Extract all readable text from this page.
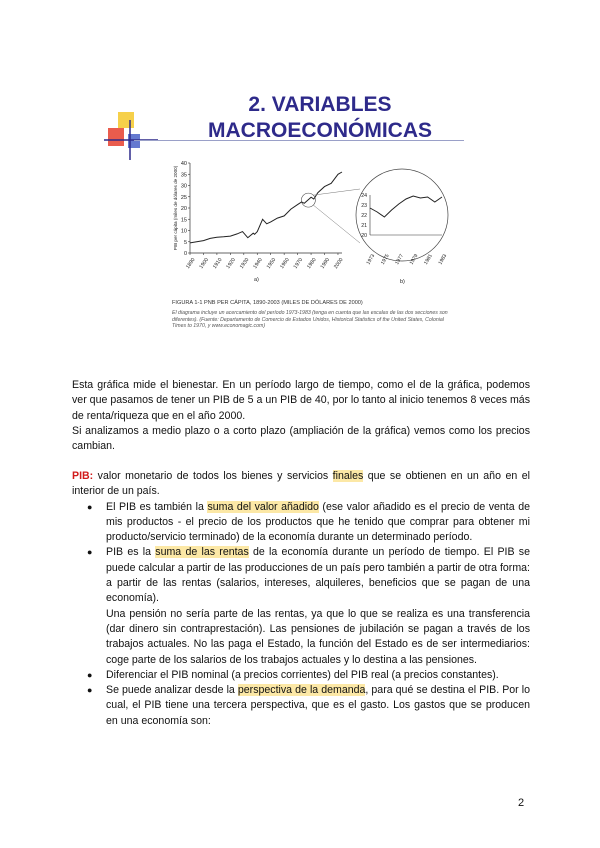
2. VARIABLES
MACROECONÓMICAS
0
5
10
15
20
25
30
35
40
1890 1900 1910 1920 1930 1940 1950 1960 1970 1980 1990 2000
PIB per cápita (miles de dólares de 2000)
a)
20
21
22
23
24
1973 1975 1977 1979 1981 1983
b)
FIGURA 1-1 PNB PER CÁPITA, 1890-2003 (MILES DE DÓLARES DE 2000)
El diagrama incluye un acercamiento del período 1973-1983 (tenga en cuenta que las escalas de las dos secciones son diferentes). (Fuente: Departamento de Comercio de Estados Unidos, Historical Statistics of the United States, Colonial Times to 1970, y www.economagic.com)

Esta gráfica mide el bienestar. En un período largo de tiempo, como el de la gráfica, podemos ver que pasamos de tener un PIB de 5 a un PIB de 40, por lo tanto al inicio tenemos 8 veces más de renta/riqueza que en el año 2000.

Si analizamos a medio plazo o a corto plazo (ampliación de la gráfica) vemos como los precios cambian.

PIB: valor monetario de todos los bienes y servicios finales que se obtienen en un año en el interior de un país.

● El PIB es también la suma del valor añadido (ese valor añadido es el precio de venta de mis productos - el precio de los productos que he tenido que comprar para obtener mi producto/servicio terminado) de la economía durante un determinado período.
● PIB es la suma de las rentas de la economía durante un período de tiempo. El PIB se puede calcular a partir de las producciones de un país pero también a partir de otra forma: a partir de las rentas (salarios, intereses, alquileres, beneficios que se pagan de una economía).
Una pensión no sería parte de las rentas, ya que lo que se realiza es una transferencia (dar dinero sin contraprestación). Las pensiones de jubilación se pagan a través de los trabajos actuales. No las paga el Estado, la función del Estado es de ser intermediarios: coge parte de los salarios de los trabajos actuales y lo destina a las pensiones.
● Diferenciar el PIB nominal (a precios corrientes) del PIB real (a precios constantes).
● Se puede analizar desde la perspectiva de la demanda, para qué se destina el PIB. Por lo cual, el PIB tiene una tercera perspectiva, que es el gasto. Los gastos que se producen en una economía son:
2
